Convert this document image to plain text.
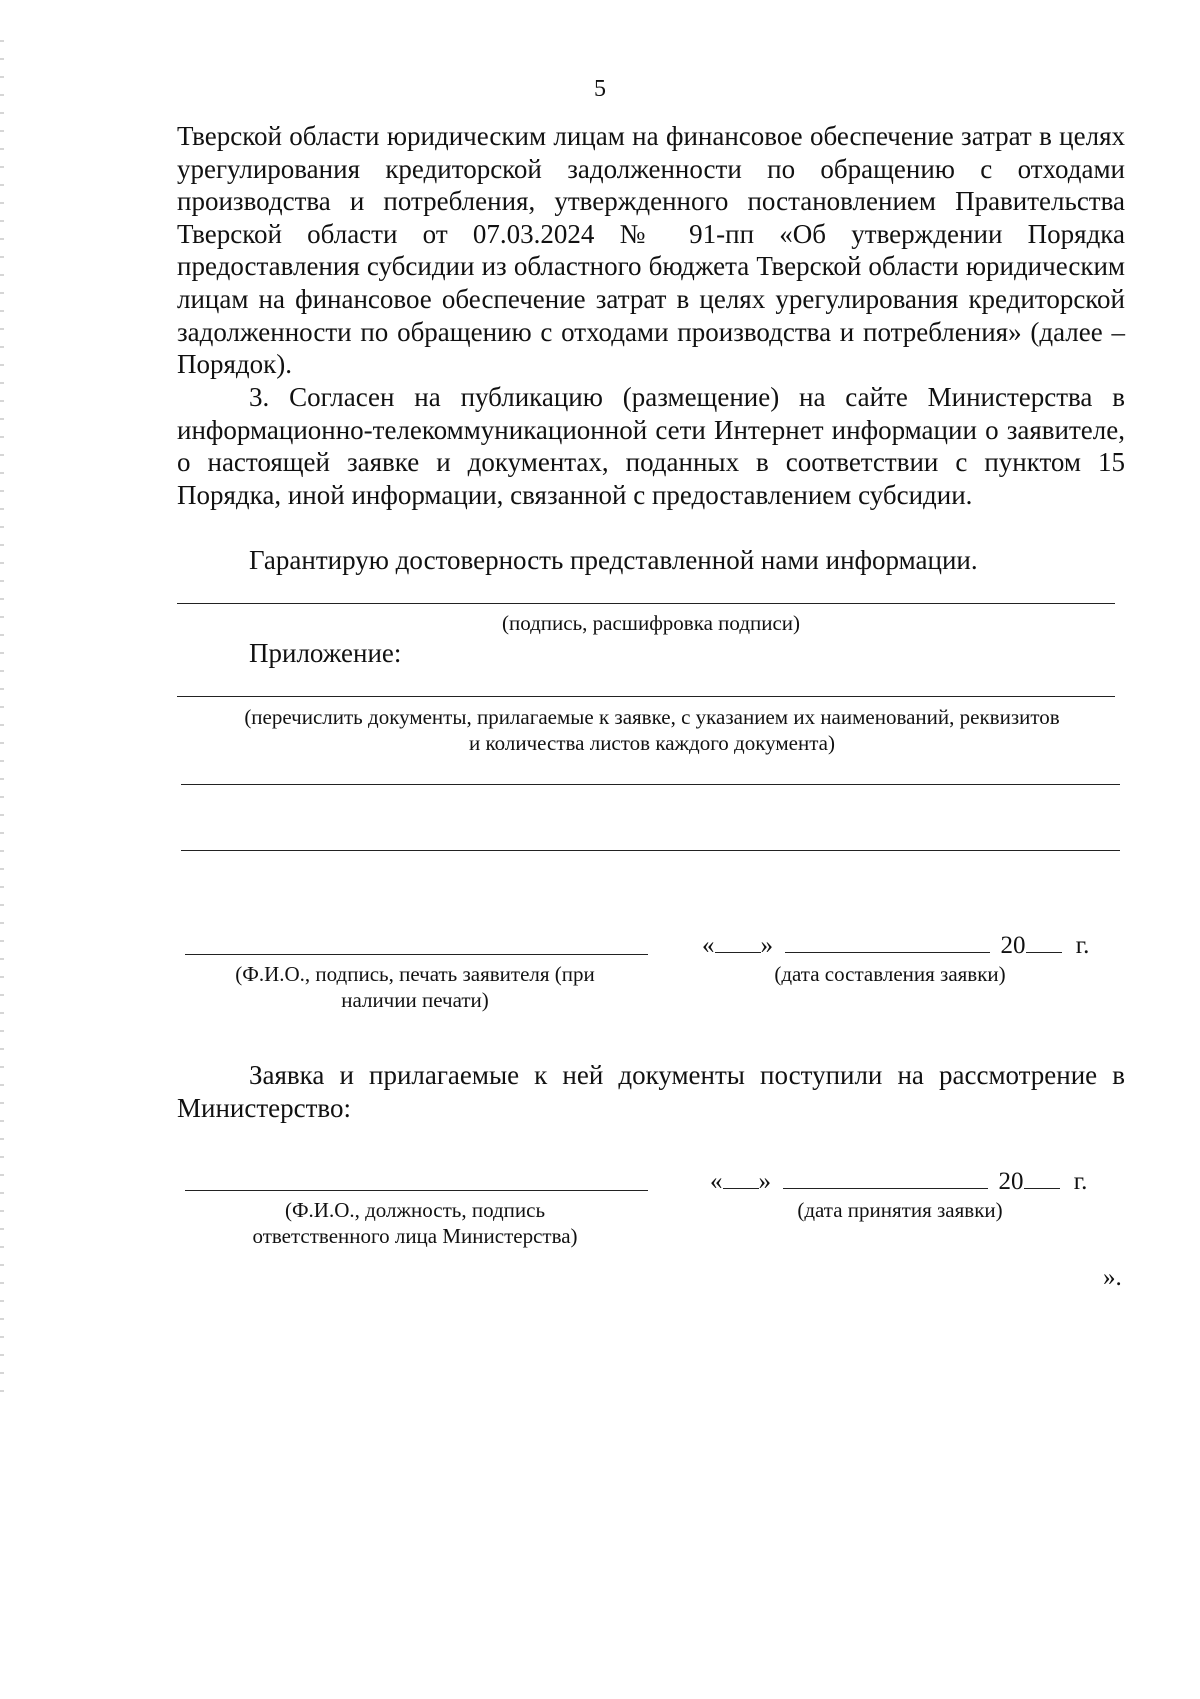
5
Тверской области юридическим лицам на финансовое обеспечение затрат в целях урегулирования кредиторской задолженности по обращению с отходами производства и потребления, утвержденного постановлением Правительства Тверской области от 07.03.2024 № 91-пп «Об утверждении Порядка предоставления субсидии из областного бюджета Тверской области юридическим лицам на финансовое обеспечение затрат в целях урегулирования кредиторской задолженности по обращению с отходами производства и потребления» (далее – Порядок).
3. Согласен на публикацию (размещение) на сайте Министерства в информационно-телекоммуникационной сети Интернет информации о заявителе, о настоящей заявке и документах, поданных в соответствии с пунктом 15 Порядка, иной информации, связанной с предоставлением субсидии.
Гарантирую достоверность представленной нами информации.
(подпись, расшифровка подписи)
Приложение:
(перечислить документы, прилагаемые к заявке, с указанием их наименований, реквизитов и количества листов каждого документа)
(Ф.И.О., подпись, печать заявителя (при наличии печати)
« »	20 г.
(дата составления заявки)
Заявка и прилагаемые к ней документы поступили на рассмотрение в Министерство:
(Ф.И.О., должность, подпись ответственного лица Министерства)
« »	20 г.
(дата принятия заявки)
».
